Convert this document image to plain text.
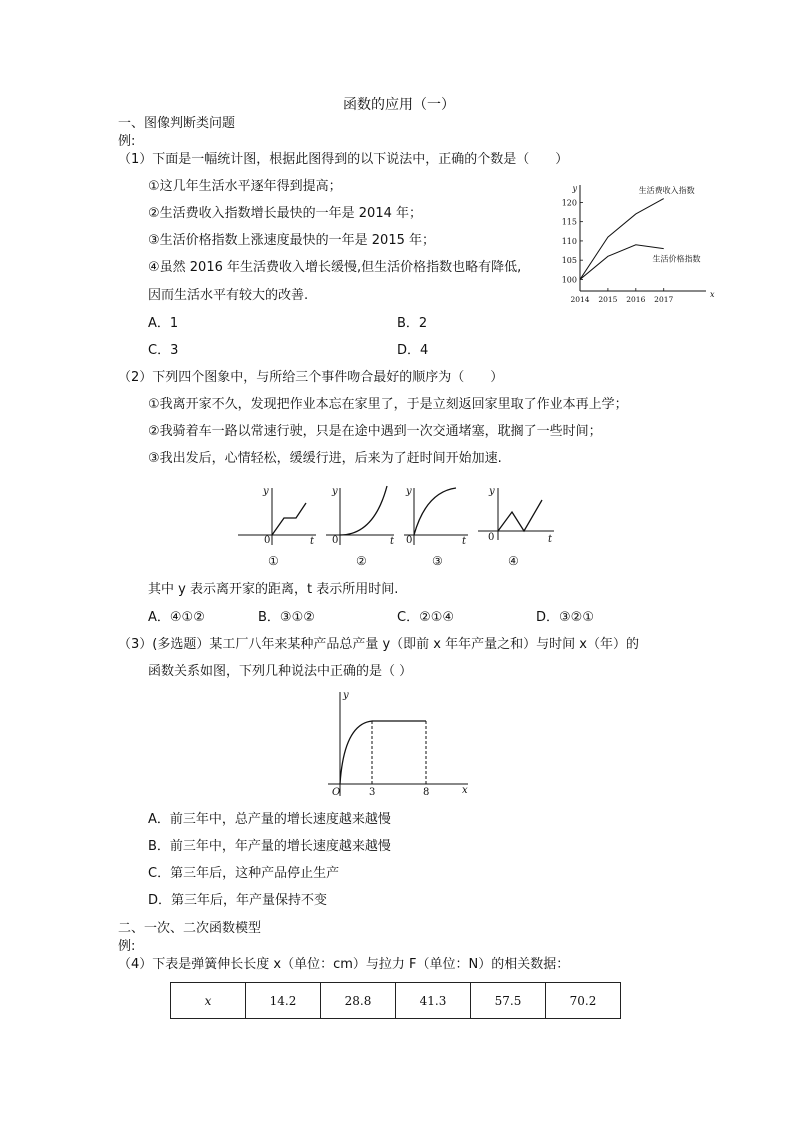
函数的应用（一）
一、图像判断类问题
例:
（1）下面是一幅统计图，根据此图得到的以下说法中，正确的个数是（　　）
①这几年生活水平逐年得到提高；
②生活费收入指数增长最快的一年是 2014 年；
③生活价格指数上涨速度最快的一年是 2015 年；
④虽然 2016 年生活费收入增长缓慢,但生活价格指数也略有降低,
因而生活水平有较大的改善.
A．1	B．2
C．3	D．4
100
105
110
115
120
2014 2015 2016 2017
y
x
生活费收入指数
生活价格指数
（2）下列四个图象中，与所给三个事件吻合最好的顺序为（　　）
①我离开家不久，发现把作业本忘在家里了，于是立刻返回家里取了作业本再上学；
②我骑着车一路以常速行驶，只是在途中遇到一次交通堵塞，耽搁了一些时间；
③我出发后，心情轻松，缓缓行进，后来为了赶时间开始加速.
y
t
y
t
y
t
y
t
0	0	0	0
①	②	③	④
其中 y 表示离开家的距离，t 表示所用时间.
A．④①②	B．③①②	C．②①④	D．③②①
（3）(多选题）某工厂八年来某种产品总产量 y（即前 x 年年产量之和）与时间 x（年）的
函数关系如图，下列几种说法中正确的是（ ）
O	3	8	x
y
A．前三年中，总产量的增长速度越来越慢
B．前三年中，年产量的增长速度越来越慢
C．第三年后，这种产品停止生产
D．第三年后，年产量保持不变
二、一次、二次函数模型
例:
（4）下表是弹簧伸长长度 x（单位：cm）与拉力 F（单位：N）的相关数据：
x	14.2	28.8	41.3	57.5	70.2
